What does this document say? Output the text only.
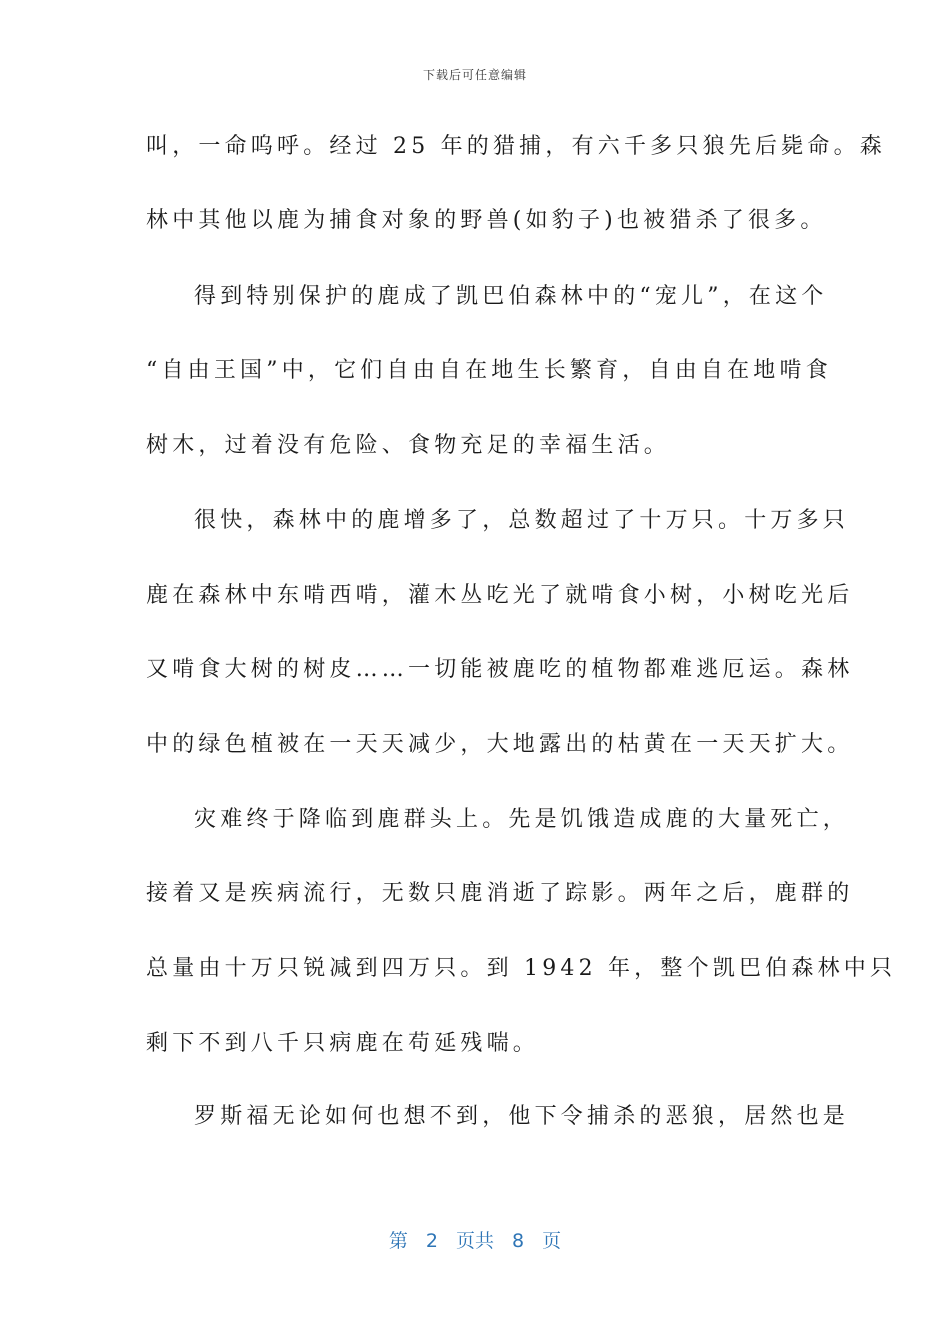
下载后可任意编辑
叫，一命呜呼。经过 25 年的猎捕，有六千多只狼先后毙命。森
林中其他以鹿为捕食对象的野兽(如豹子)也被猎杀了很多。
得到特别保护的鹿成了凯巴伯森林中的“宠儿”，在这个
“自由王国”中，它们自由自在地生长繁育，自由自在地啃食
树木，过着没有危险、食物充足的幸福生活。
很快，森林中的鹿增多了，总数超过了十万只。十万多只
鹿在森林中东啃西啃，灌木丛吃光了就啃食小树，小树吃光后
又啃食大树的树皮……一切能被鹿吃的植物都难逃厄运。森林
中的绿色植被在一天天减少，大地露出的枯黄在一天天扩大。
灾难终于降临到鹿群头上。先是饥饿造成鹿的大量死亡，
接着又是疾病流行，无数只鹿消逝了踪影。两年之后，鹿群的
总量由十万只锐减到四万只。到 1942 年，整个凯巴伯森林中只
剩下不到八千只病鹿在苟延残喘。
罗斯福无论如何也想不到，他下令捕杀的恶狼，居然也是
第 2 页共 8 页
